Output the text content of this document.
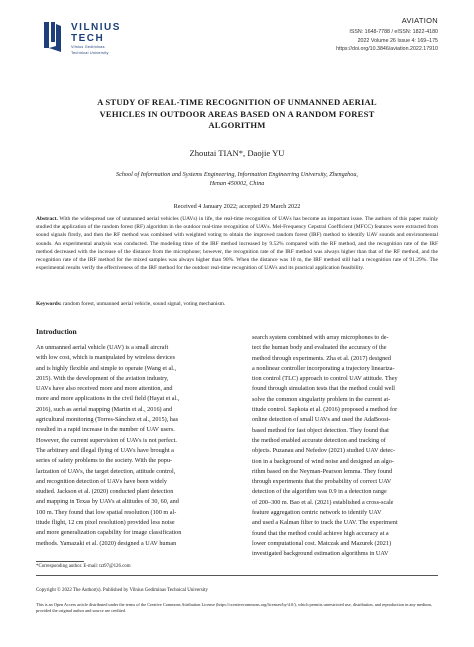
VILNIUS
TECH
Vilnius Gediminas
Technical University
AVIATION
ISSN: 1648-7788 / eISSN: 1822-4180
2022 Volume 26 Issue 4: 169–175
https://doi.org/10.3846/aviation.2022.17910
A STUDY OF REAL-TIME RECOGNITION OF UNMANNED AERIAL
VEHICLES IN OUTDOOR AREAS BASED ON A RANDOM FOREST
ALGORITHM
Zhoutai TIAN*, Daojie YU
School of Information and Systems Engineering, Information Engineering University, Zhengzhou,
Henan 450002, China
Received 4 January 2022; accepted 29 March 2022
Abstract. With the widespread use of unmanned aerial vehicles (UAVs) in life, the real-time recognition of UAVs has become an important issue. The authors of this paper mainly studied the application of the random forest (RF) algorithm in the outdoor real-time recognition of UAVs. Mel-Frequency Cepstral Coefficient (MFCC) features were extracted from sound signals firstly, and then the RF method was combined with weighted voting to obtain the improved random forest (IRF) method to identify UAV sounds and environmental sounds. An experimental analysis was conducted. The modeling time of the IRF method increased by 9.52% compared with the RF method, and the recognition rate of the IRF method decreased with the increase of the distance from the microphone; however, the recognition rate of the IRF method was always higher than that of the RF method, and the recognition rate of the IRF method for the mixed samples was always higher than 90%. When the distance was 10 m, the IRF method still had a recognition rate of 91.29%. The experimental results verify the effectiveness of the IRF method for the outdoor real-time recognition of UAVs and its practical application feasibility.
Keywords: random forest, unmanned aerial vehicle, sound signal, voting mechanism.
Introduction
An unmanned aerial vehicle (UAV) is a small aircraft
with low cost, which is manipulated by wireless devices
and is highly flexible and simple to operate (Wang et al.,
2015). With the development of the aviation industry,
UAVs have also received more and more attention, and
more and more applications in the civil field (Hayat et al.,
2016), such as aerial mapping (Martin et al., 2016) and
agricultural monitoring (Torres-Sánchez et al., 2015), has
resulted in a rapid increase in the number of UAV users.
However, the current supervision of UAVs is not perfect.
The arbitrary and illegal flying of UAVs have brought a
series of safety problems to the society. With the popu-
larization of UAVs, the target detection, attitude control,
and recognition detection of UAVs have been widely
studied. Jackson et al. (2020) conducted plant detection
and mapping in Texas by UAVs at altitudes of 30, 60, and
100 m. They found that low spatial resolution (100 m al-
titude flight, 12 cm pixel resolution) provided less noise
and more generalization capability for image classification
methods. Yamazaki et al. (2020) designed a UAV human
search system combined with array microphones to de-
tect the human body and evaluated the accuracy of the
method through experiments. Zha et al. (2017) designed
a nonlinear controller incorporating a trajectory lineariza-
tion control (TLC) approach to control UAV attitude. They
found through simulation tests that the method could well
solve the common singularity problem in the current at-
titude control. Sapkota et al. (2016) proposed a method for
online detection of small UAVs and used the AdaBoost-
based method for fast object detection. They found that
the method enabled accurate detection and tracking of
objects. Puzanau and Nefedov (2021) studied UAV detec-
tion in a background of wind noise and designed an algo-
rithm based on the Neyman-Pearson lemma. They found
through experiments that the probability of correct UAV
detection of the algorithm was 0.9 in a detection range
of 200–300 m. Bao et al. (2021) established a cross-scale
feature aggregation centric network to identify UAV
and used a Kalman filter to track the UAV. The experiment
found that the method could achieve high accuracy at a
lower computational cost. Matczak and Mazurek (2021)
investigated background estimation algorithms in UAV
*Corresponding author. E-mail: tzt97@126.com
Copyright © 2022 The Author(s). Published by Vilnius Gediminas Technical University
This is an Open Access article distributed under the terms of the Creative Commons Attribution License (https://creativecommons.org/licenses/by/4.0/), which permits unrestricted use, distribution, and reproduction in any medium, provided the original author and source are credited.
